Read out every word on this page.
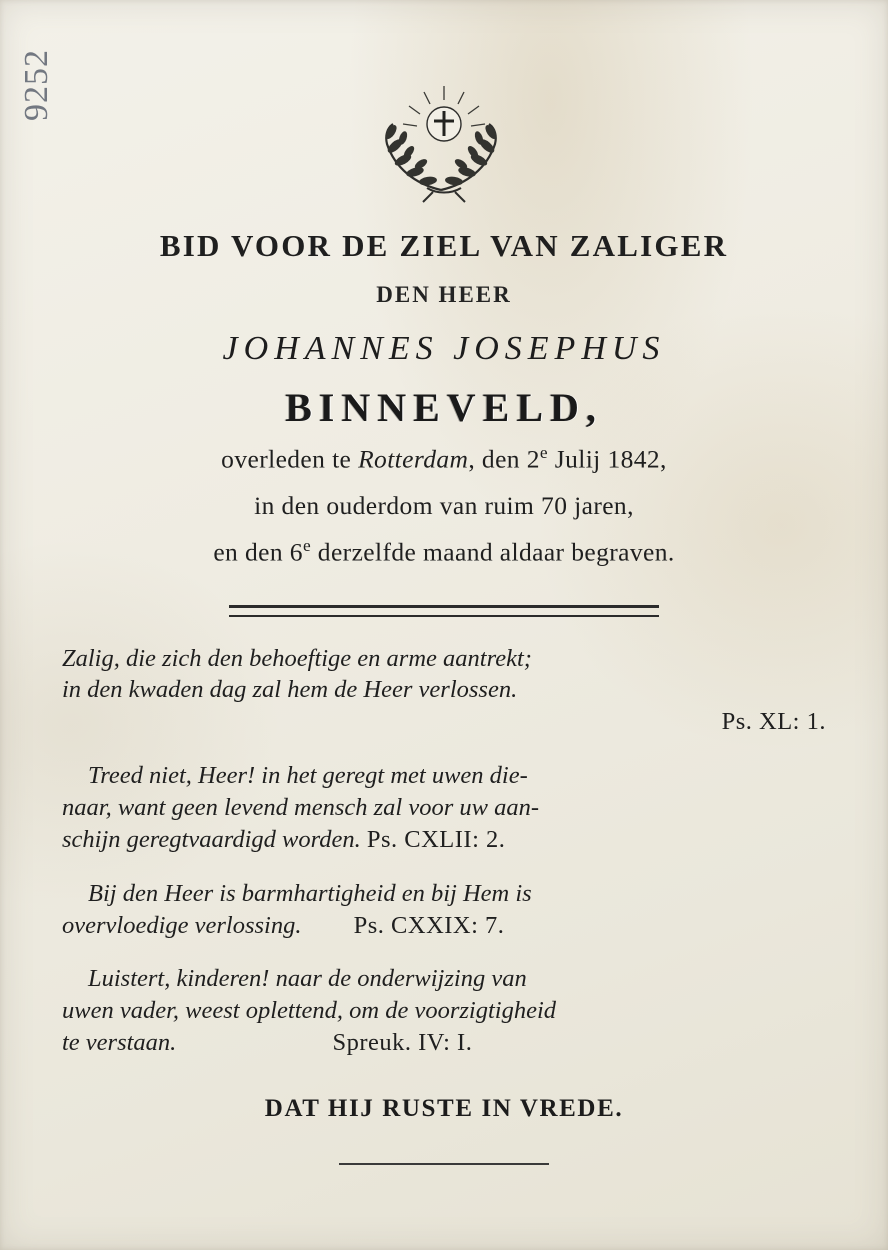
9252
BID VOOR DE ZIEL VAN ZALIGER
DEN HEER
JOHANNES JOSEPHUS
BINNEVELD,
overleden te Rotterdam, den 2e Julij 1842,
in den ouderdom van ruim 70 jaren,
en den 6e derzelfde maand aldaar begraven.

Zalig, die zich den behoeftige en arme aantrekt;

in den kwaden dag zal hem de Heer verlossen.

Ps. XL: 1.

Treed niet, Heer! in het geregt met uwen die-

naar, want geen levend mensch zal voor uw aan-

schijn geregtvaardigd worden. Ps. CXLII: 2.

Bij den Heer is barmhartigheid en bij Hem is

overvloedige verlossing. Ps. CXXIX: 7.

Luistert, kinderen! naar de onderwijzing van

uwen vader, weest oplettend, om de voorzigtigheid

te verstaan.	Spreuk. IV: I.

DAT HIJ RUSTE IN VREDE.
